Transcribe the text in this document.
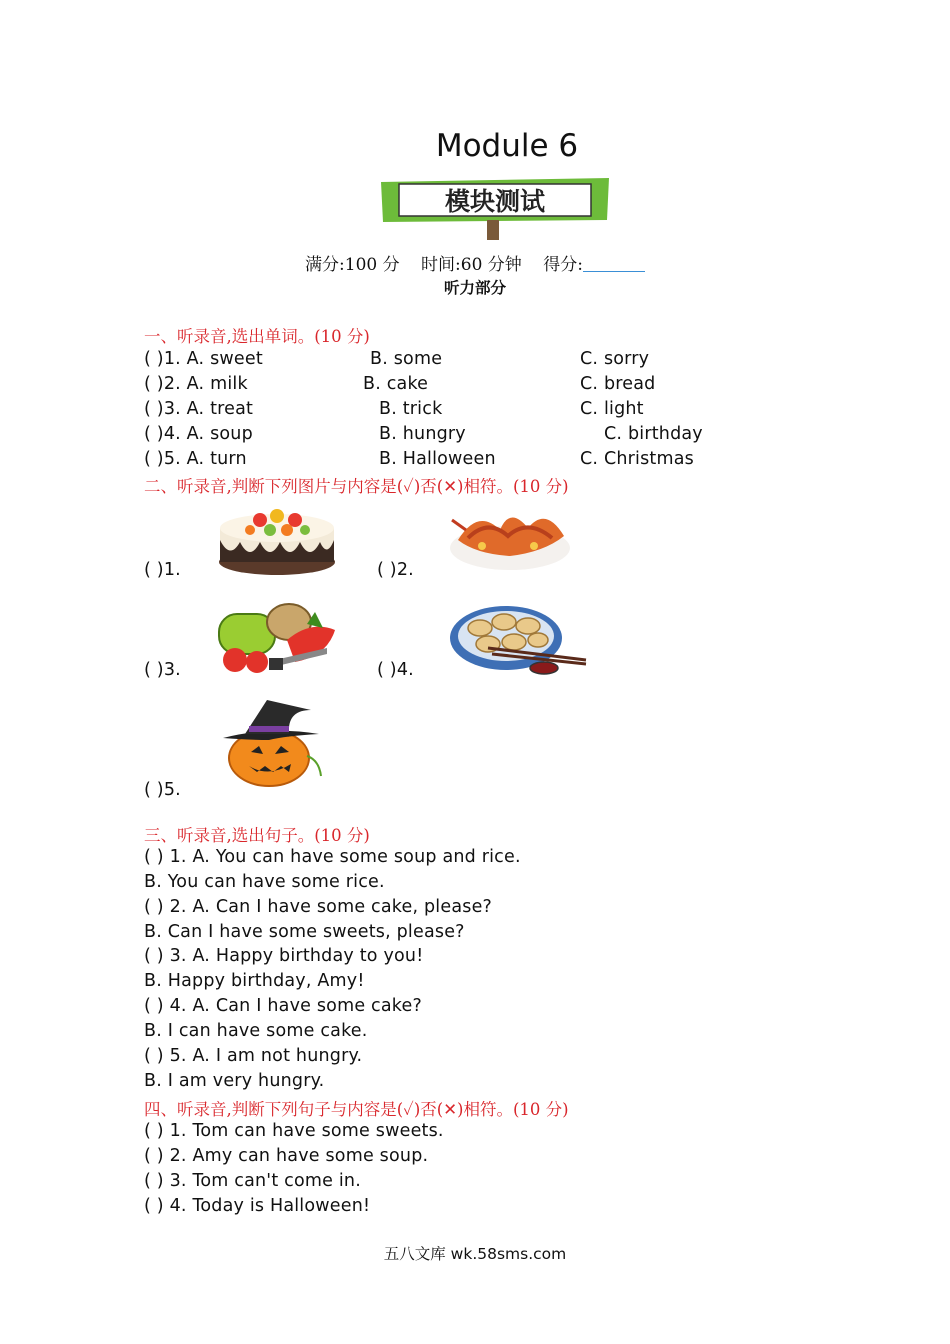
Module 6
模块测试
满分:100 分 时间:60 分钟 得分:
听力部分
一、听录音,选出单词。(10 分)
( )1. A. sweet	B. some	C. sorry
( )2. A. milk	B. cake	C. bread
( )3. A. treat	B. trick	C. light
( )4. A. soup	B. hungry	C. birthday
( )5. A. turn	B. Halloween	C. Christmas
二、听录音,判断下列图片与内容是(✓)否(✕)相符。(10 分)
( )1.	( )2.
( )3.	( )4.
( )5.
三、听录音,选出句子。(10 分)
( ) 1. A. You can have some soup and rice.
B. You can have some rice.
( ) 2. A. Can I have some cake, please?
B. Can I have some sweets, please?
( ) 3. A. Happy birthday to you!
B. Happy birthday, Amy!
( ) 4. A. Can I have some cake?
B. I can have some cake.
( ) 5. A. I am not hungry.
B. I am very hungry.
四、听录音,判断下列句子与内容是(✓)否(✕)相符。(10 分)
( ) 1. Tom can have some sweets.
( ) 2. Amy can have some soup.
( ) 3. Tom can't come in.
( ) 4. Today is Halloween!
五八文库 wk.58sms.com
